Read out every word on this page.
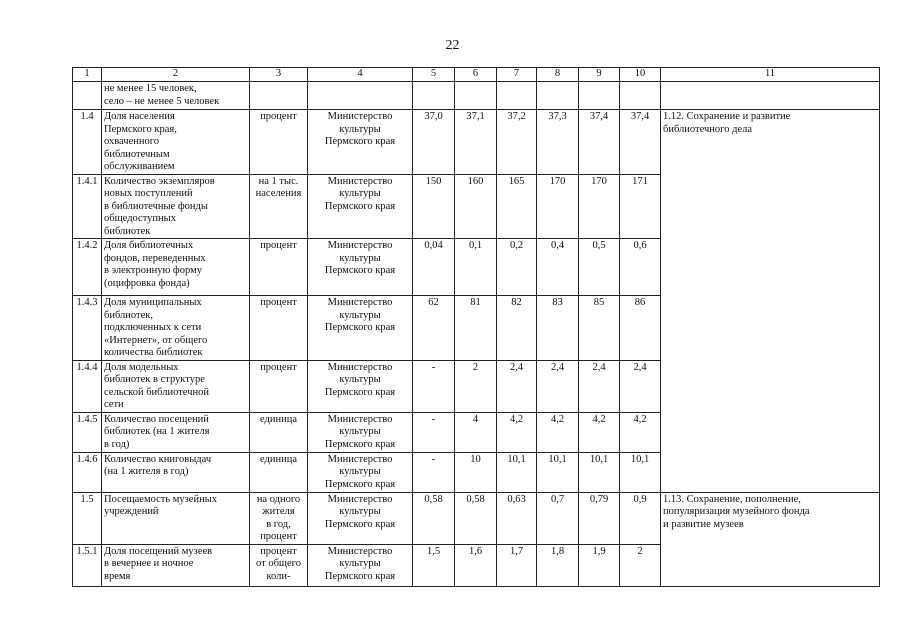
22
1	2	3	4	5	6	7	8	9	10	11
	не менее 15 человек,
село – не менее 5 человек									
1.4	Доля населения
Пермского края,
охваченного
библиотечным
обслуживанием	процент	Министерство
культуры
Пермского края	37,0	37,1	37,2	37,3	37,4	37,4	1.12. Сохранение и развитие
библиотечного дела
1.4.1	Количество экземпляров
новых поступлений
в библиотечные фонды
общедоступных
библиотек	на 1 тыс.
населения	Министерство
культуры
Пермского края	150	160	165	170	170	171	
1.4.2	Доля библиотечных
фондов, переведенных
в электронную форму
(оцифровка фонда)	процент	Министерство
культуры
Пермского края	0,04	0,1	0,2	0,4	0,5	0,6	
1.4.3	Доля муниципальных
библиотек,
подключенных к сети
«Интернет», от общего
количества библиотек	процент	Министерство
культуры
Пермского края	62	81	82	83	85	86	
1.4.4	Доля модельных
библиотек в структуре
сельской библиотечной
сети	процент	Министерство
культуры
Пермского края	-	2	2,4	2,4	2,4	2,4	
1.4.5	Количество посещений
библиотек (на 1 жителя
в год)	единица	Министерство
культуры
Пермского края	-	4	4,2	4,2	4,2	4,2	
1.4.6	Количество книговыдач
(на 1 жителя в год)	единица	Министерство
культуры
Пермского края	-	10	10,1	10,1	10,1	10,1	
1.5	Посещаемость музейных
учреждений	на одного
жителя
в год,
процент	Министерство
культуры
Пермского края	0,58	0,58	0,63	0,7	0,79	0,9	1.13. Сохранение, пополнение,
популяризация музейного фонда
и развитие музеев
1.5.1	Доля посещений музеев
в вечернее и ночное
время	процент
от общего
коли-	Министерство
культуры
Пермского края	1,5	1,6	1,7	1,8	1,9	2	
